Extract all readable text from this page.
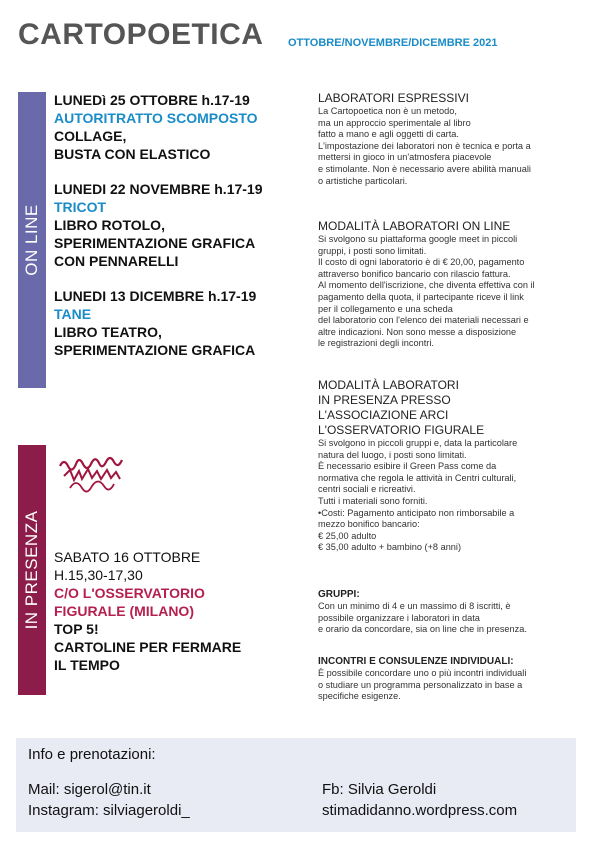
CARTOPOETICA OTTOBRE/NOVEMBRE/DICEMBRE 2021
ON LINE
IN PRESENZA
LUNEDì 25 OTTOBRE h.17-19
AUTORITRATTO SCOMPOSTO
COLLAGE,
BUSTA CON ELASTICO
LUNEDI 22 NOVEMBRE h.17-19
TRICOT
LIBRO ROTOLO,
SPERIMENTAZIONE GRAFICA
CON PENNARELLI
LUNEDI 13 DICEMBRE h.17-19
TANE
LIBRO TEATRO,
SPERIMENTAZIONE GRAFICA
SABATO 16 OTTOBRE
H.15,30-17,30
C/O L'OSSERVATORIO
FIGURALE (MILANO)
TOP 5!
CARTOLINE PER FERMARE
IL TEMPO
LABORATORI ESPRESSIVI
La Cartopoetica non è un metodo,
ma un approccio sperimentale al libro
fatto a mano e agli oggetti di carta.
L'impostazione dei laboratori non è tecnica e porta a
mettersi in gioco in un'atmosfera piacevole
e stimolante. Non è necessario avere abilità manuali
o artistiche particolari.
MODALITÀ LABORATORI ON LINE
Si svolgono su piattaforma google meet in piccoli
gruppi, i posti sono limitati.
Il costo di ogni laboratorio è di € 20,00, pagamento
attraverso bonifico bancario con rilascio fattura.
Al momento dell'iscrizione, che diventa effettiva con il
pagamento della quota, il partecipante riceve il link
per il collegamento e una scheda
del laboratorio con l'elenco dei materiali necessari e
altre indicazioni. Non sono messe a disposizione
le registrazioni degli incontri.
MODALITÀ LABORATORI
IN PRESENZA PRESSO
L'ASSOCIAZIONE ARCI
L'OSSERVATORIO FIGURALE
Si svolgono in piccoli gruppi e, data la particolare
natura del luogo, i posti sono limitati.
È necessario esibire il Green Pass come da
normativa che regola le attività in Centri culturali,
centri sociali e ricreativi.
Tutti i materiali sono forniti.
•Costi: Pagamento anticipato non rimborsabile a
mezzo bonifico bancario:
€ 25,00 adulto
€ 35,00 adulto + bambino (+8 anni)
GRUPPI:
Con un minimo di 4 e un massimo di 8 iscritti, è
possibile organizzare i laboratori in data
e orario da concordare, sia on line che in presenza.
INCONTRI E CONSULENZE INDIVIDUALI:
È possibile concordare uno o più incontri individuali
o studiare un programma personalizzato in base a
specifiche esigenze.
Info e prenotazioni:
Mail: sigerol@tin.it
Instagram: silviageroldi_
Fb: Silvia Geroldi
stimadidanno.wordpress.com
